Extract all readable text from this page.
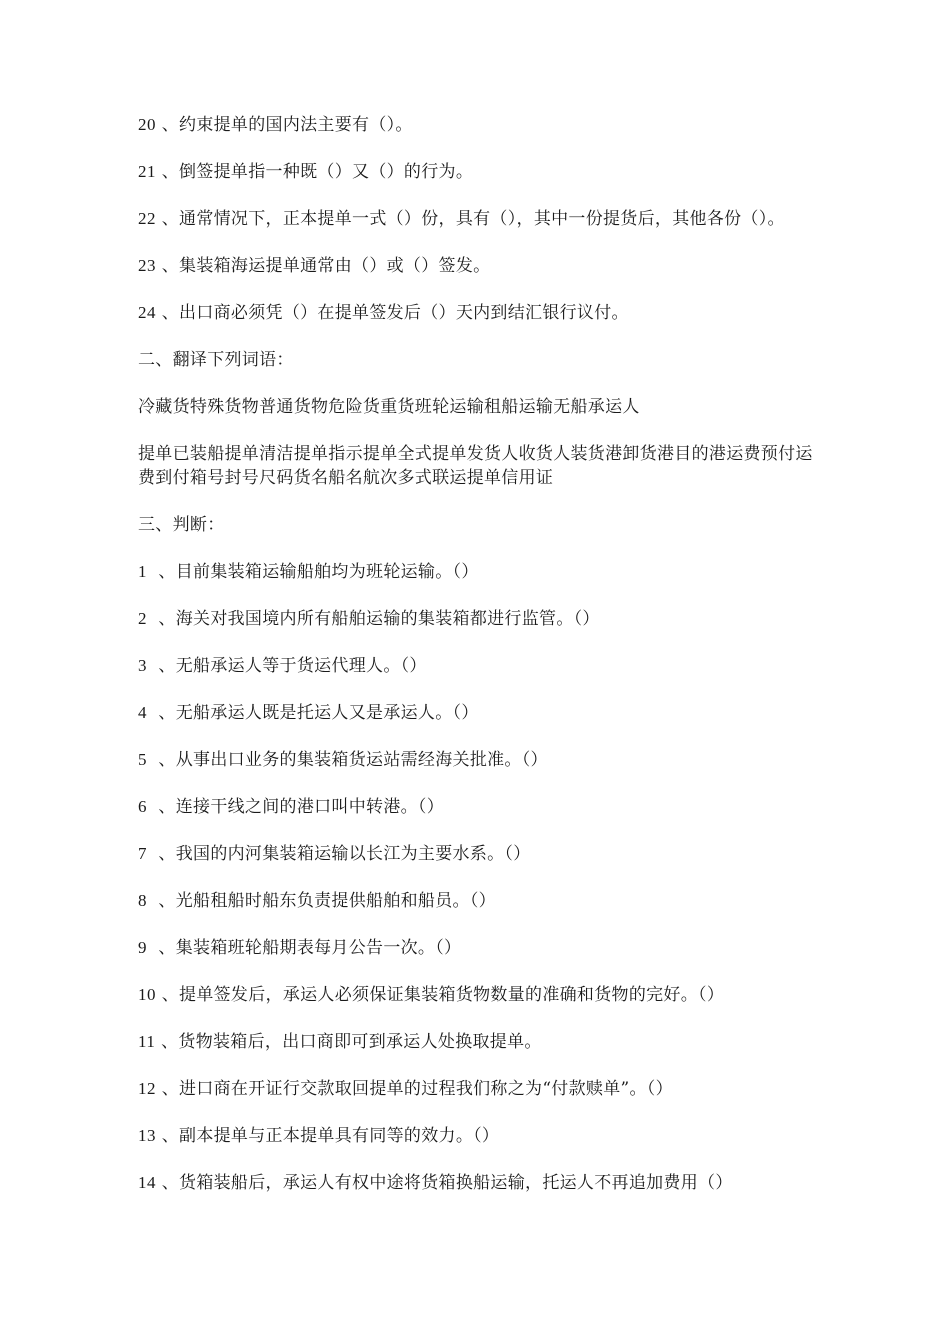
20 、约束提单的国内法主要有（）。

21 、倒签提单指一种既（）又（）的行为。

22 、通常情况下，正本提单一式（）份，具有（），其中一份提货后，其他各份（）。

23 、集装箱海运提单通常由（）或（）签发。

24 、出口商必须凭（）在提单签发后（）天内到结汇银行议付。

二、翻译下列词语：

冷藏货特殊货物普通货物危险货重货班轮运输租船运输无船承运人

提单已装船提单清洁提单指示提单全式提单发货人收货人装货港卸货港目的港运费预付运费到付箱号封号尺码货名船名航次多式联运提单信用证

三、判断：

1 、目前集装箱运输船舶均为班轮运输。（）

2 、海关对我国境内所有船舶运输的集装箱都进行监管。（）

3 、无船承运人等于货运代理人。（）

4 、无船承运人既是托运人又是承运人。（）

5 、从事出口业务的集装箱货运站需经海关批准。（）

6 、连接干线之间的港口叫中转港。（）

7 、我国的内河集装箱运输以长江为主要水系。（）

8 、光船租船时船东负责提供船舶和船员。（）

9 、集装箱班轮船期表每月公告一次。（）

10 、提单签发后，承运人必须保证集装箱货物数量的准确和货物的完好。（）

11 、货物装箱后，出口商即可到承运人处换取提单。

12 、进口商在开证行交款取回提单的过程我们称之为“付款赎单”。（）

13 、副本提单与正本提单具有同等的效力。（）

14 、货箱装船后，承运人有权中途将货箱换船运输，托运人不再追加费用（）
